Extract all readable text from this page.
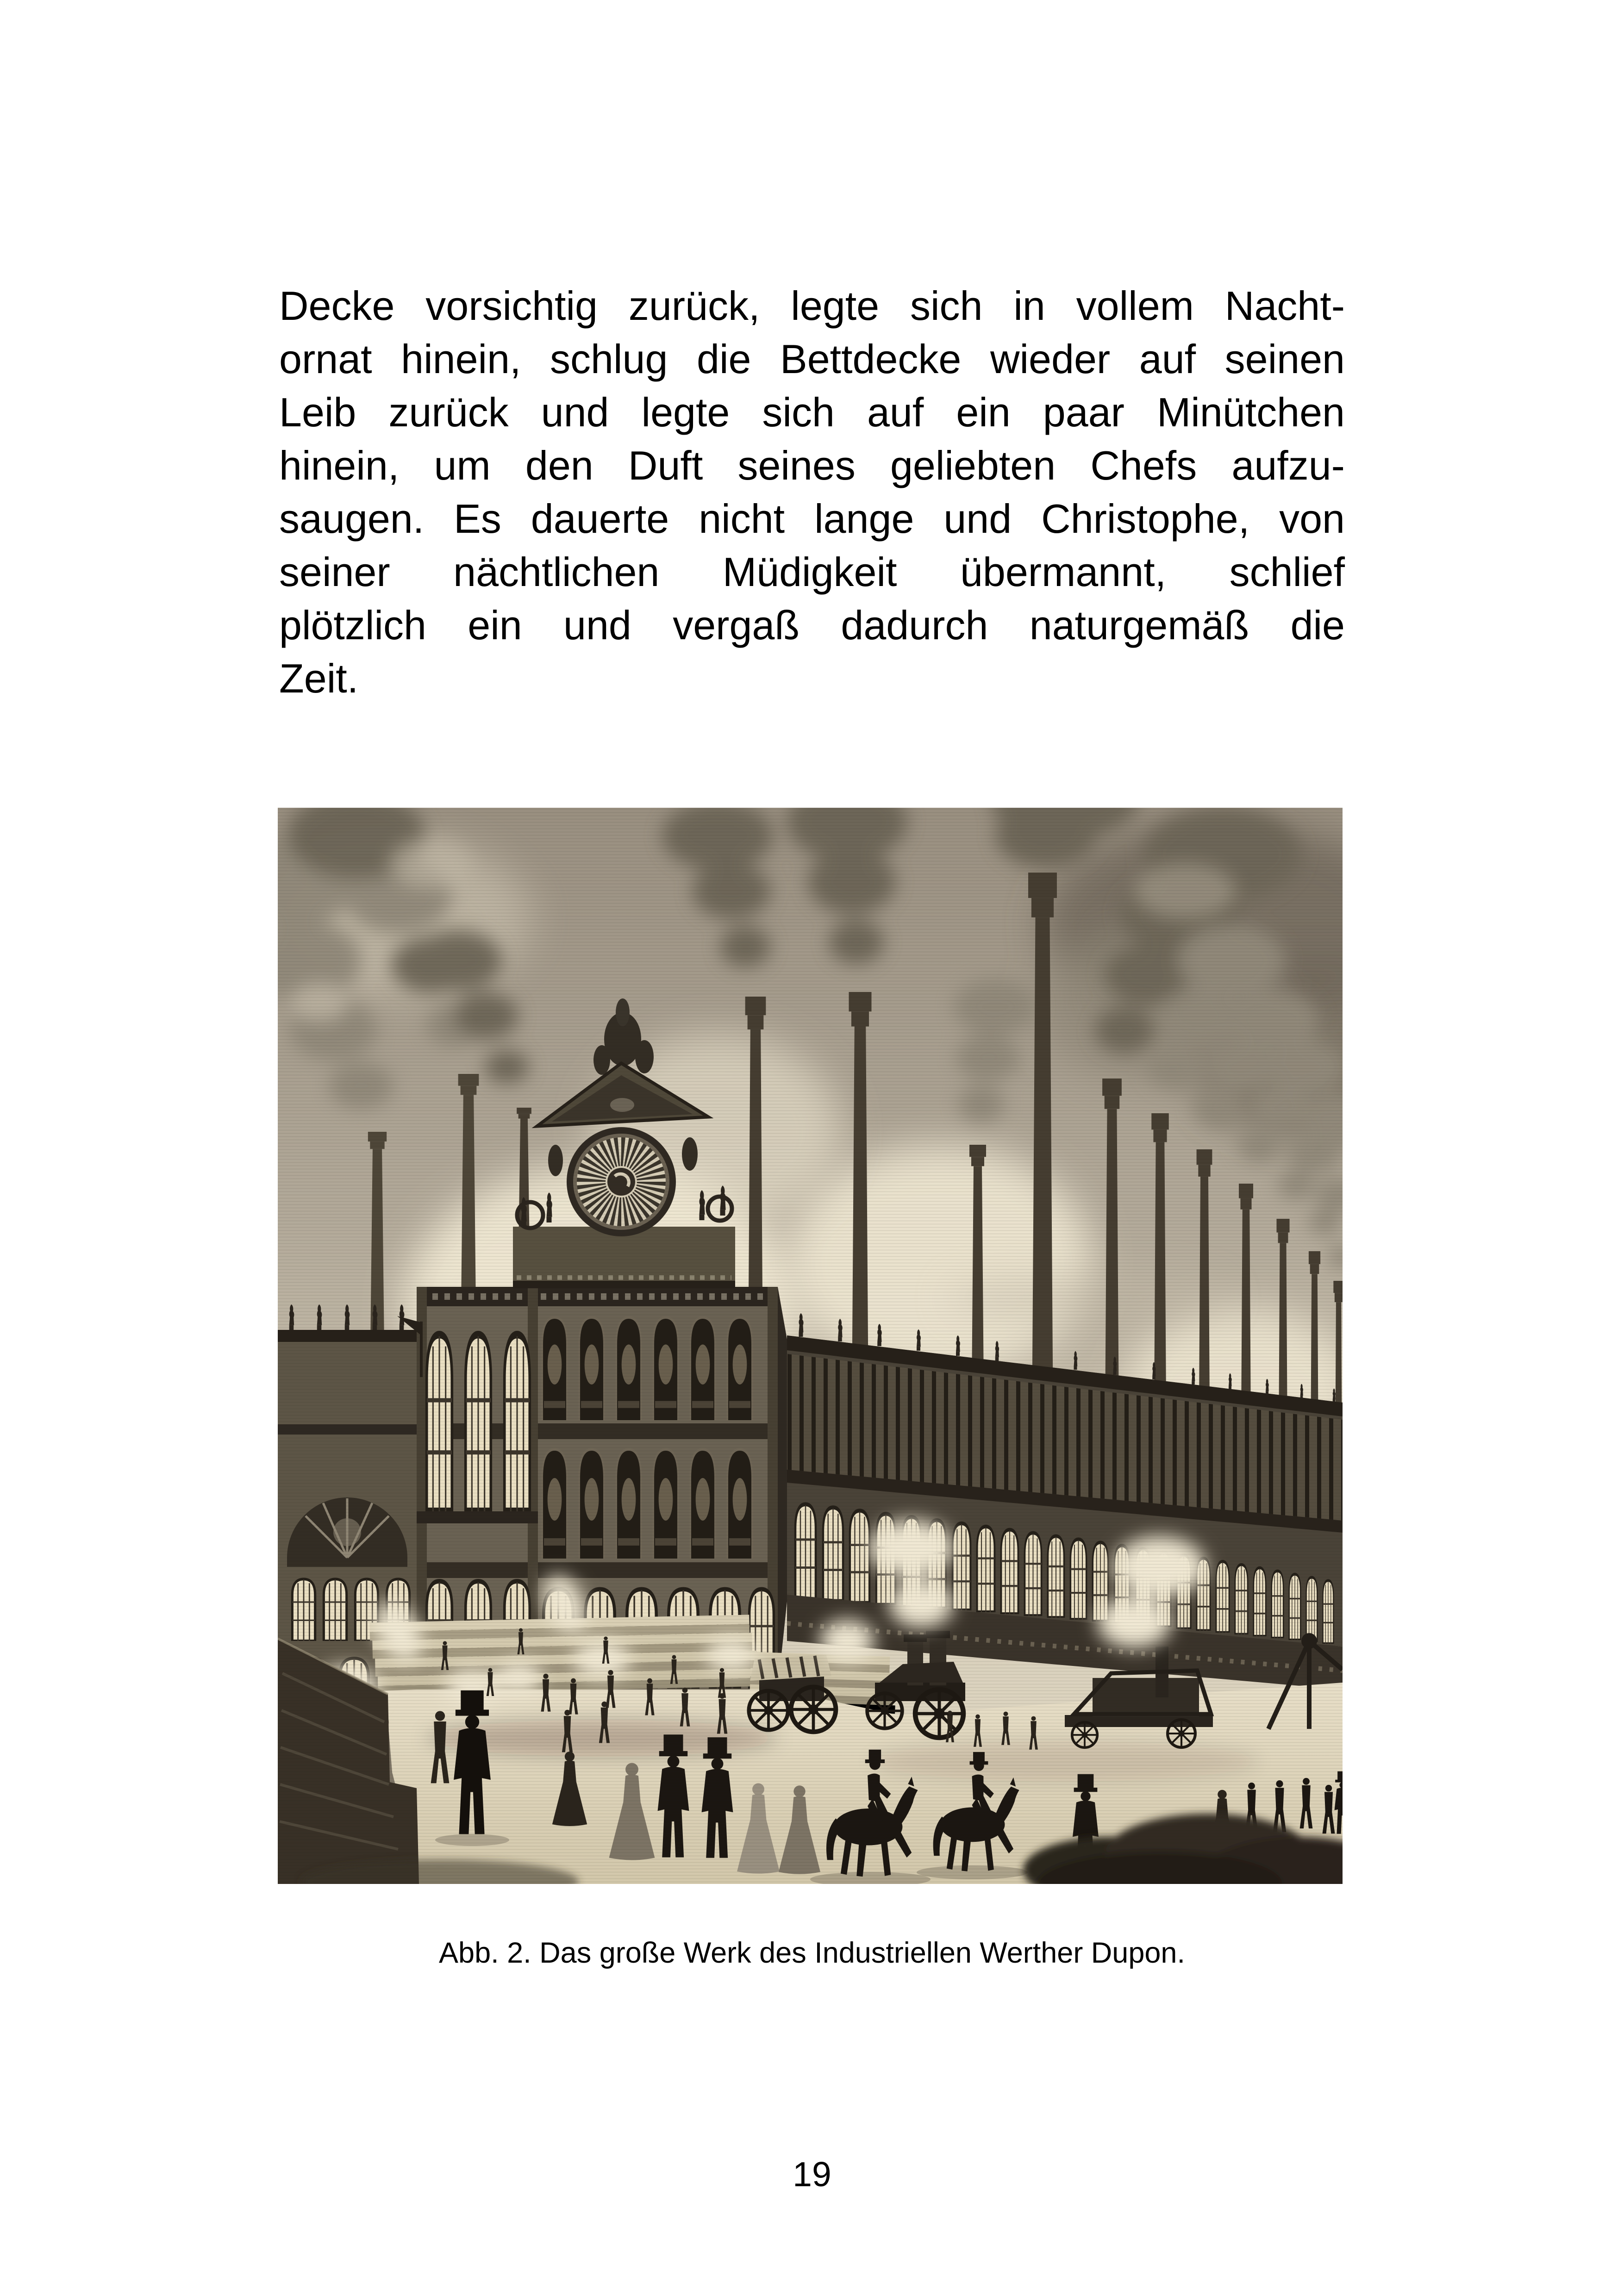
Decke vorsichtig zurück, legte sich in vollem Nacht-
ornat hinein, schlug die Bettdecke wieder auf seinen
Leib zurück und legte sich auf ein paar Minütchen
hinein, um den Duft seines geliebten Chefs aufzu-
saugen. Es dauerte nicht lange und Christophe, von
seiner nächtlichen Müdigkeit übermannt, schlief
plötzlich ein und vergaß dadurch naturgemäß die
Zeit.
Abb. 2. Das große Werk des Industriellen Werther Dupon.
19
